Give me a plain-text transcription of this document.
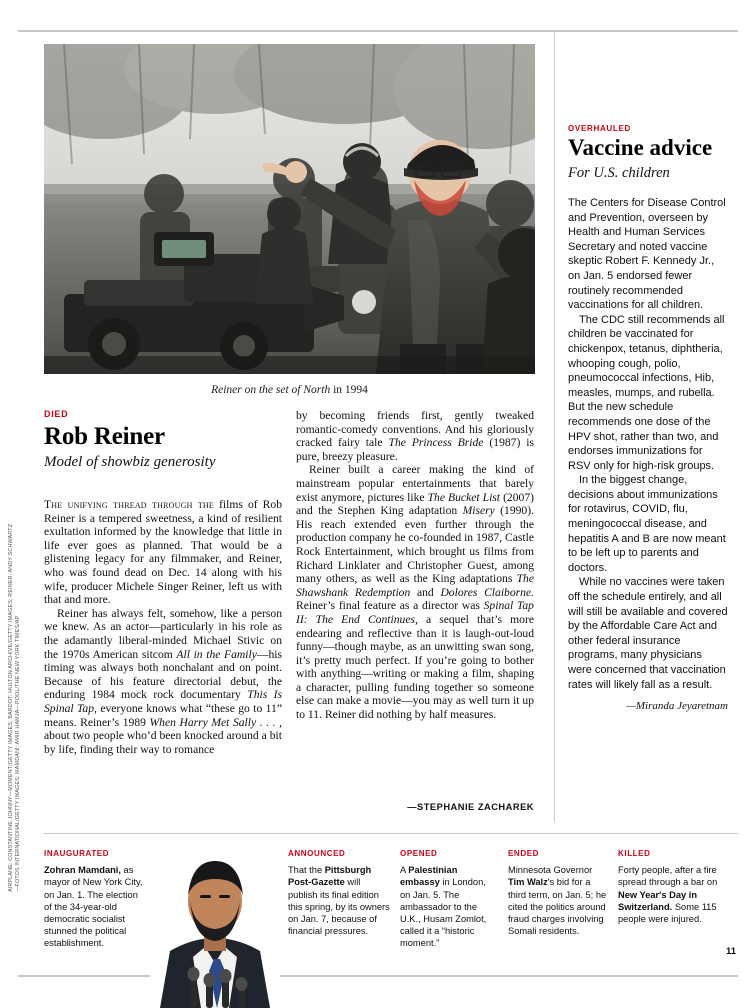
Reiner on the set of North in 1994
AIRPLANE: CONSTANTINE JOHNNY—MOMENT/GETTY IMAGES; BARDOT: HULTON ARCHIVE/GETTY IMAGES; REINER: ANDY SCHWARTZ—FOTOS INTERNATIONAL/GETTY IMAGES; MAMDANI: AMIR HAMJA—POOL/THE NEW YORK TIMES/AP
DIED
Rob Reiner
Model of showbiz generosity

The unifying thread through the films of Rob Reiner is a tempered sweetness, a kind of resilient exultation informed by the knowledge that little in life ever goes as planned. That would be a glistening legacy for any filmmaker, and Reiner, who was found dead on Dec. 14 along with his wife, producer Michele Singer Reiner, left us with that and more.

Reiner has always felt, somehow, like a person we knew. As an actor—particularly in his role as the adamantly liberal-minded Michael Stivic on the 1970s American sitcom All in the Family—his timing was always both nonchalant and on point. Because of his feature directorial debut, the enduring 1984 mock rock documentary This Is Spinal Tap, everyone knows what “these go to 11” means. Reiner’s 1989 When Harry Met Sally . . . , about two people who’d been knocked around a bit by life, finding their way to romance

by becoming friends first, gently tweaked romantic-comedy conventions. And his gloriously cracked fairy tale The Princess Bride (1987) is pure, breezy pleasure.

Reiner built a career making the kind of mainstream popular entertainments that barely exist anymore, pictures like The Bucket List (2007) and the Stephen King adaptation Misery (1990). His reach extended even further through the production company he co-founded in 1987, Castle Rock Entertainment, which brought us films from Richard Linklater and Christopher Guest, among many others, as well as the King adaptations The Shawshank Redemption and Dolores Claiborne. Reiner’s final feature as a director was Spinal Tap II: The End Continues, a sequel that’s more endearing and reflective than it is laugh-out-loud funny—though maybe, as an unwitting swan song, it’s pretty much perfect. If you’re going to bother with anything—writing or making a film, shaping a character, pulling funding together so someone else can make a movie—you may as well turn it up to 11. Reiner did nothing by half measures.

—STEPHANIE ZACHAREK
OVERHAULED
Vaccine advice
For U.S. children

The Centers for Disease Control and Prevention, overseen by Health and Human Services Secretary and noted vaccine skeptic Robert F. Kennedy Jr., on Jan. 5 endorsed fewer routinely recommended vaccinations for all children.

The CDC still recommends all children be vaccinated for chickenpox, tetanus, diphtheria, whooping cough, polio, pneumococcal infections, Hib, measles, mumps, and rubella. But the new schedule recommends one dose of the HPV shot, rather than two, and endorses immunizations for RSV only for high-risk groups.

In the biggest change, decisions about immunizations for rotavirus, COVID, flu, meningococcal disease, and hepatitis A and B are now meant to be left up to parents and doctors.

While no vaccines were taken off the schedule entirely, and all will still be available and covered by the Affordable Care Act and other federal insurance programs, many physicians were concerned that vaccination rates will likely fall as a result.

—Miranda Jeyaretnam
INAUGURATED
Zohran Mamdani, as mayor of New York City, on Jan. 1. The election of the 34-year-old democratic socialist stunned the political establishment.
ANNOUNCED
That the Pittsburgh Post-Gazette will publish its final edition this spring, by its owners on Jan. 7, because of financial pressures.
OPENED
A Palestinian embassy in London, on Jan. 5. The ambassador to the U.K., Husam Zomlot, called it a “historic moment.”
ENDED
Minnesota Governor Tim Walz's bid for a third term, on Jan. 5; he cited the politics around fraud charges involving Somali residents.
KILLED
Forty people, after a fire spread through a bar on New Year's Day in Switzerland. Some 115 people were injured.
11
